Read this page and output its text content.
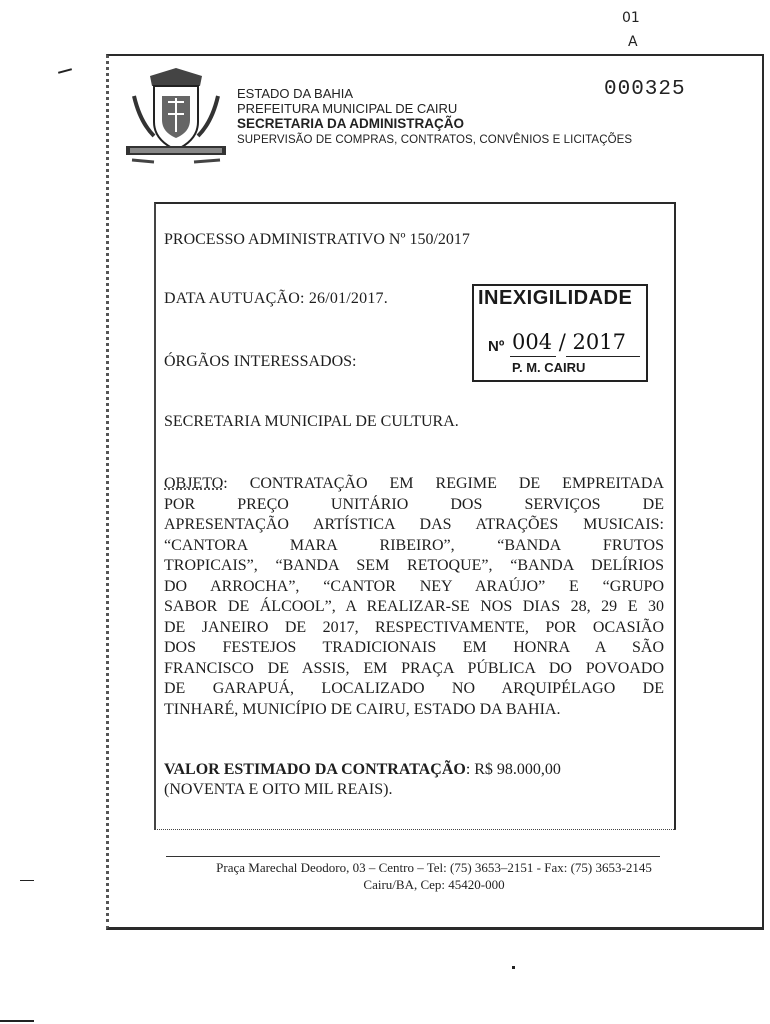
01
A
ESTADO DA BAHIA
PREFEITURA MUNICIPAL DE CAIRU
SECRETARIA DA ADMINISTRAÇÃO
SUPERVISÃO DE COMPRAS, CONTRATOS, CONVÊNIOS E LICITAÇÕES
000325
PROCESSO ADMINISTRATIVO Nº 150/2017
DATA AUTUAÇÃO: 26/01/2017.
ÓRGÃOS INTERESSADOS:
SECRETARIA MUNICIPAL DE CULTURA.
INEXIGILIDADE
Nº 004 / 2017
P. M. CAIRU
OBJETO: CONTRATAÇÃO EM REGIME DE EMPREITADA
POR PREÇO UNITÁRIO DOS SERVIÇOS DE
APRESENTAÇÃO ARTÍSTICA DAS ATRAÇÕES MUSICAIS:
“CANTORA MARA RIBEIRO”, “BANDA FRUTOS
TROPICAIS”, “BANDA SEM RETOQUE”, “BANDA DELÍRIOS
DO ARROCHA”, “CANTOR NEY ARAÚJO” E “GRUPO
SABOR DE ÁLCOOL”, A REALIZAR-SE NOS DIAS 28, 29 E 30
DE JANEIRO DE 2017, RESPECTIVAMENTE, POR OCASIÃO
DOS FESTEJOS TRADICIONAIS EM HONRA A SÃO
FRANCISCO DE ASSIS, EM PRAÇA PÚBLICA DO POVOADO
DE GARAPUÁ, LOCALIZADO NO ARQUIPÉLAGO DE
TINHARÉ, MUNICÍPIO DE CAIRU, ESTADO DA BAHIA.
VALOR ESTIMADO DA CONTRATAÇÃO: R$ 98.000,00
(NOVENTA E OITO MIL REAIS).
Praça Marechal Deodoro, 03 – Centro – Tel: (75) 3653–2151 - Fax: (75) 3653-2145
Cairu/BA, Cep: 45420-000
